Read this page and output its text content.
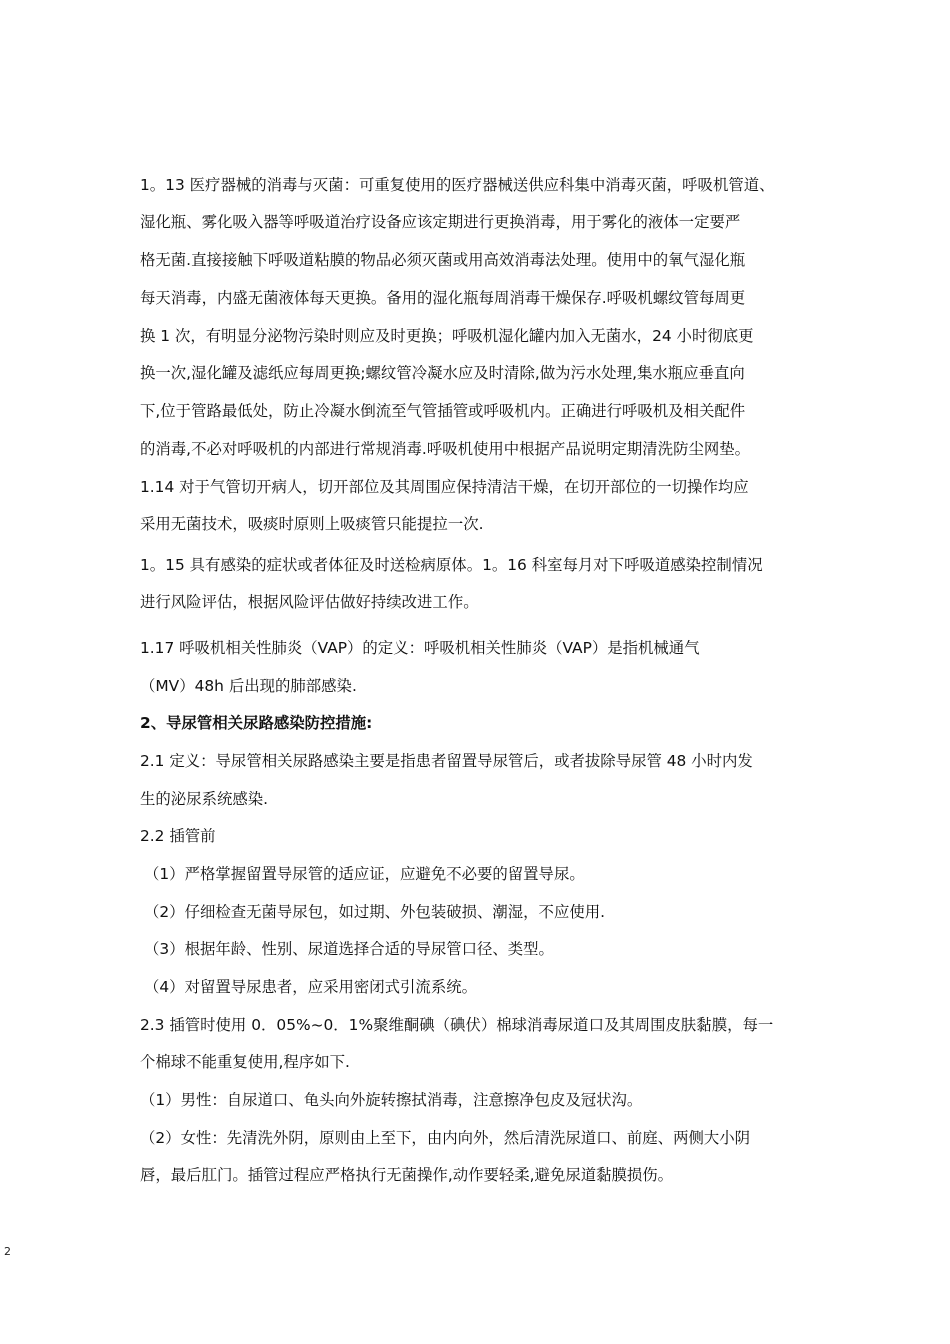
1。13 医疗器械的消毒与灭菌：可重复使用的医疗器械送供应科集中消毒灭菌，呼吸机管道、
湿化瓶、雾化吸入器等呼吸道治疗设备应该定期进行更换消毒，用于雾化的液体一定要严
格无菌.直接接触下呼吸道粘膜的物品必须灭菌或用高效消毒法处理。使用中的氧气湿化瓶
每天消毒，内盛无菌液体每天更换。备用的湿化瓶每周消毒干燥保存.呼吸机螺纹管每周更
换 1 次，有明显分泌物污染时则应及时更换；呼吸机湿化罐内加入无菌水，24 小时彻底更
换一次,湿化罐及滤纸应每周更换;螺纹管冷凝水应及时清除,做为污水处理,集水瓶应垂直向
下,位于管路最低处，防止冷凝水倒流至气管插管或呼吸机内。正确进行呼吸机及相关配件
的消毒,不必对呼吸机的内部进行常规消毒.呼吸机使用中根据产品说明定期清洗防尘网垫。
1.14 对于气管切开病人，切开部位及其周围应保持清洁干燥，在切开部位的一切操作均应
采用无菌技术，吸痰时原则上吸痰管只能提拉一次.
1。15 具有感染的症状或者体征及时送检病原体。1。16 科室每月对下呼吸道感染控制情况
进行风险评估，根据风险评估做好持续改进工作。
1.17 呼吸机相关性肺炎（VAP）的定义：呼吸机相关性肺炎（VAP）是指机械通气
（MV）48h 后出现的肺部感染.
2、导尿管相关尿路感染防控措施:
2.1 定义：导尿管相关尿路感染主要是指患者留置导尿管后，或者拔除导尿管 48 小时内发
生的泌尿系统感染.
2.2 插管前
（1）严格掌握留置导尿管的适应证，应避免不必要的留置导尿。
（2）仔细检查无菌导尿包，如过期、外包装破损、潮湿，不应使用.
（3）根据年龄、性别、尿道选择合适的导尿管口径、类型。
（4）对留置导尿患者，应采用密闭式引流系统。
2.3 插管时使用 0．05%~0．1%聚维酮碘（碘伏）棉球消毒尿道口及其周围皮肤黏膜，每一
个棉球不能重复使用,程序如下.
（1）男性：自尿道口、龟头向外旋转擦拭消毒，注意擦净包皮及冠状沟。
（2）女性：先清洗外阴，原则由上至下，由内向外，然后清洗尿道口、前庭、两侧大小阴
唇，最后肛门。插管过程应严格执行无菌操作,动作要轻柔,避免尿道黏膜损伤。
2
